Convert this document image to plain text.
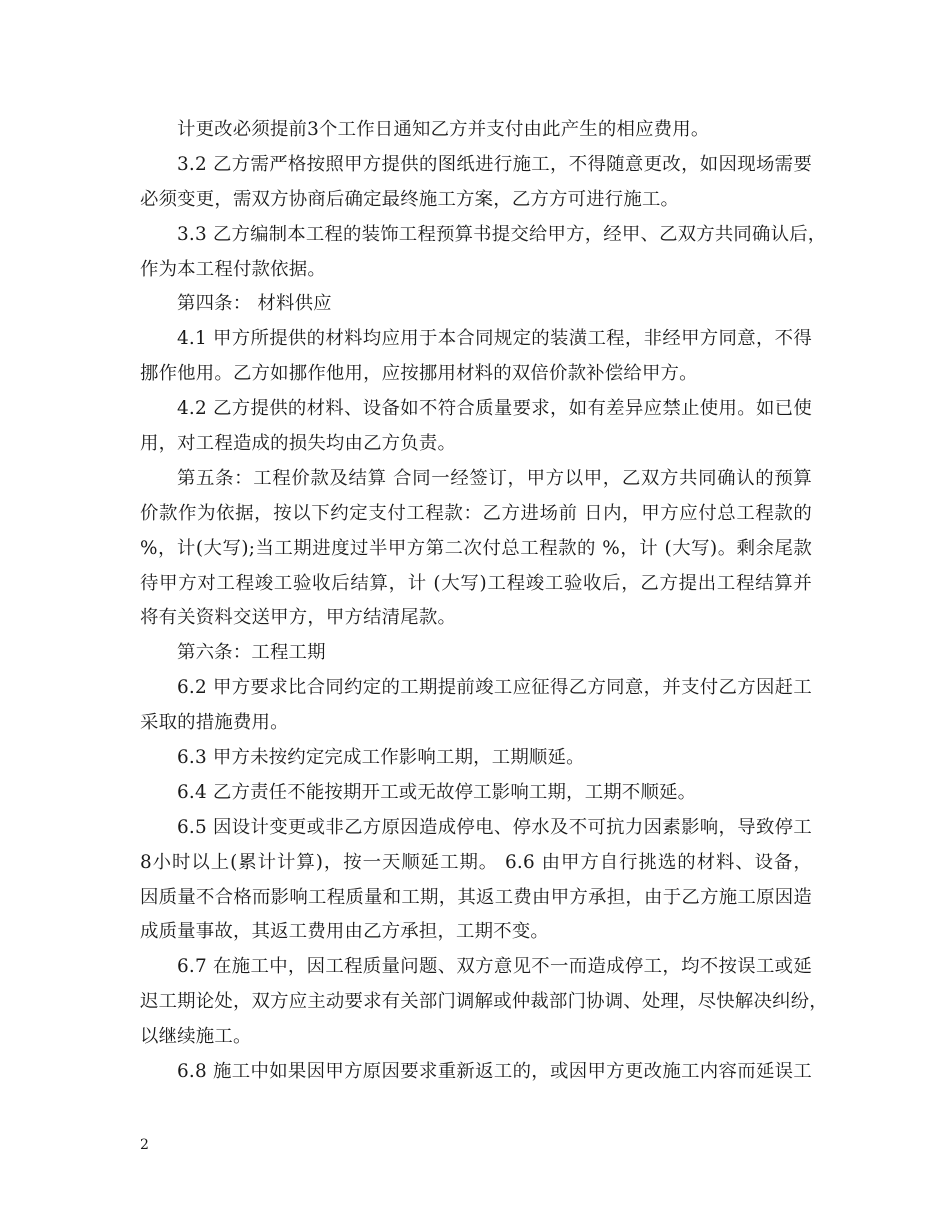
计更改必须提前3个工作日通知乙方并支付由此产生的相应费用。
3.2 乙方需严格按照甲方提供的图纸进行施工，不得随意更改，如因现场需要
必须变更，需双方协商后确定最终施工方案，乙方方可进行施工。
3.3 乙方编制本工程的装饰工程预算书提交给甲方，经甲、乙双方共同确认后，
作为本工程付款依据。
第四条： 材料供应
4.1 甲方所提供的材料均应用于本合同规定的装潢工程，非经甲方同意，不得
挪作他用。乙方如挪作他用，应按挪用材料的双倍价款补偿给甲方。
4.2 乙方提供的材料、设备如不符合质量要求，如有差异应禁止使用。如已使
用，对工程造成的损失均由乙方负责。
第五条：工程价款及结算 合同一经签订，甲方以甲，乙双方共同确认的预算
价款作为依据，按以下约定支付工程款：乙方进场前 日内，甲方应付总工程款的
%，计(大写);当工期进度过半甲方第二次付总工程款的 %，计 (大写)。剩余尾款
待甲方对工程竣工验收后结算，计 (大写)工程竣工验收后，乙方提出工程结算并
将有关资料交送甲方，甲方结清尾款。
第六条：工程工期
6.2 甲方要求比合同约定的工期提前竣工应征得乙方同意，并支付乙方因赶工
采取的措施费用。
6.3 甲方未按约定完成工作影响工期，工期顺延。
6.4 乙方责任不能按期开工或无故停工影响工期，工期不顺延。
6.5 因设计变更或非乙方原因造成停电、停水及不可抗力因素影响，导致停工
8小时以上(累计计算)，按一天顺延工期。 6.6 由甲方自行挑选的材料、设备，
因质量不合格而影响工程质量和工期，其返工费由甲方承担，由于乙方施工原因造
成质量事故，其返工费用由乙方承担，工期不变。
6.7 在施工中，因工程质量问题、双方意见不一而造成停工，均不按误工或延
迟工期论处，双方应主动要求有关部门调解或仲裁部门协调、处理，尽快解决纠纷，
以继续施工。
6.8 施工中如果因甲方原因要求重新返工的，或因甲方更改施工内容而延误工
2
